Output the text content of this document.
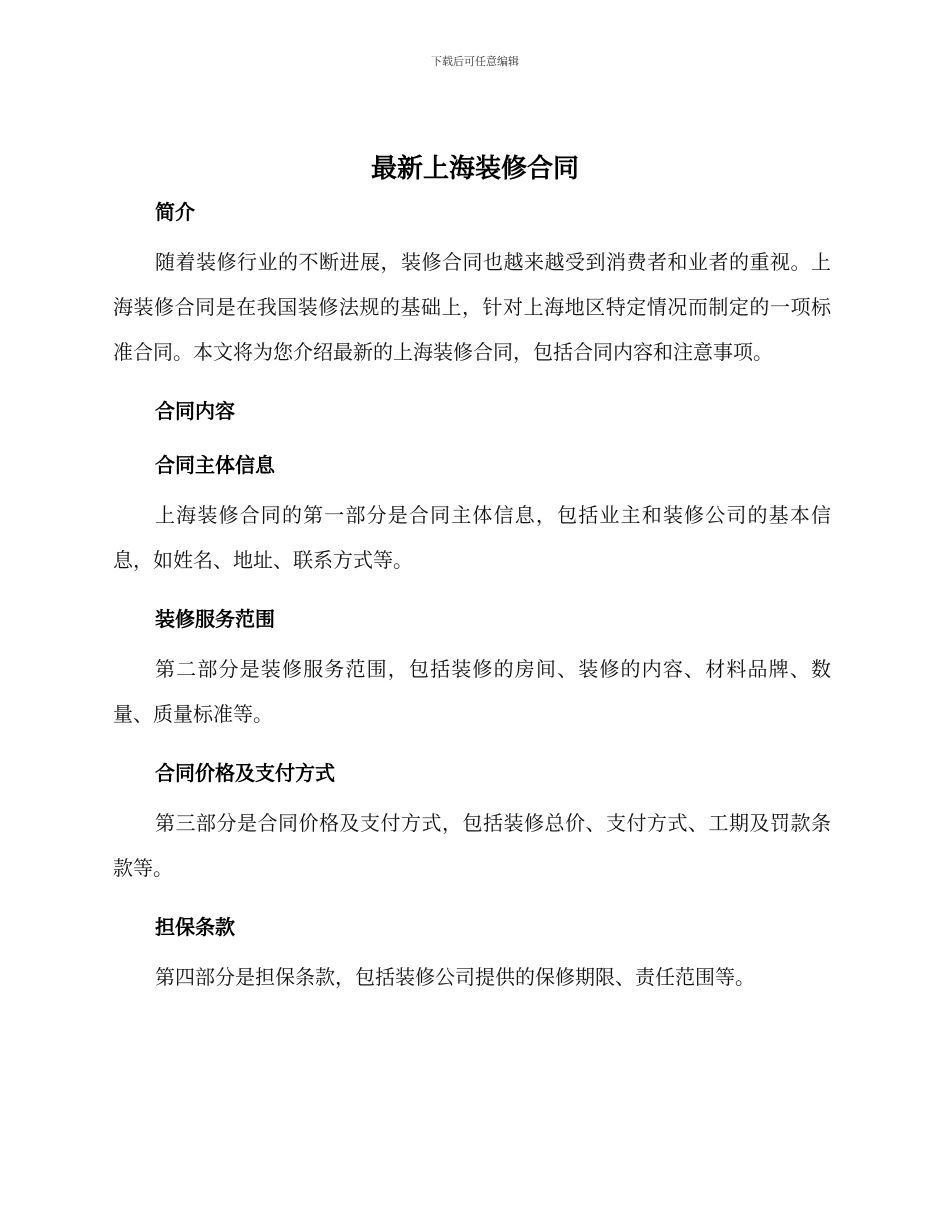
下载后可任意编辑
最新上海装修合同
简介

随着装修行业的不断进展，装修合同也越来越受到消费者和业者的重视。上海装修合同是在我国装修法规的基础上，针对上海地区特定情况而制定的一项标准合同。本文将为您介绍最新的上海装修合同，包括合同内容和注意事项。

合同内容
合同主体信息

上海装修合同的第一部分是合同主体信息，包括业主和装修公司的基本信息，如姓名、地址、联系方式等。

装修服务范围

第二部分是装修服务范围，包括装修的房间、装修的内容、材料品牌、数量、质量标准等。

合同价格及支付方式

第三部分是合同价格及支付方式，包括装修总价、支付方式、工期及罚款条款等。

担保条款

第四部分是担保条款，包括装修公司提供的保修期限、责任范围等。
